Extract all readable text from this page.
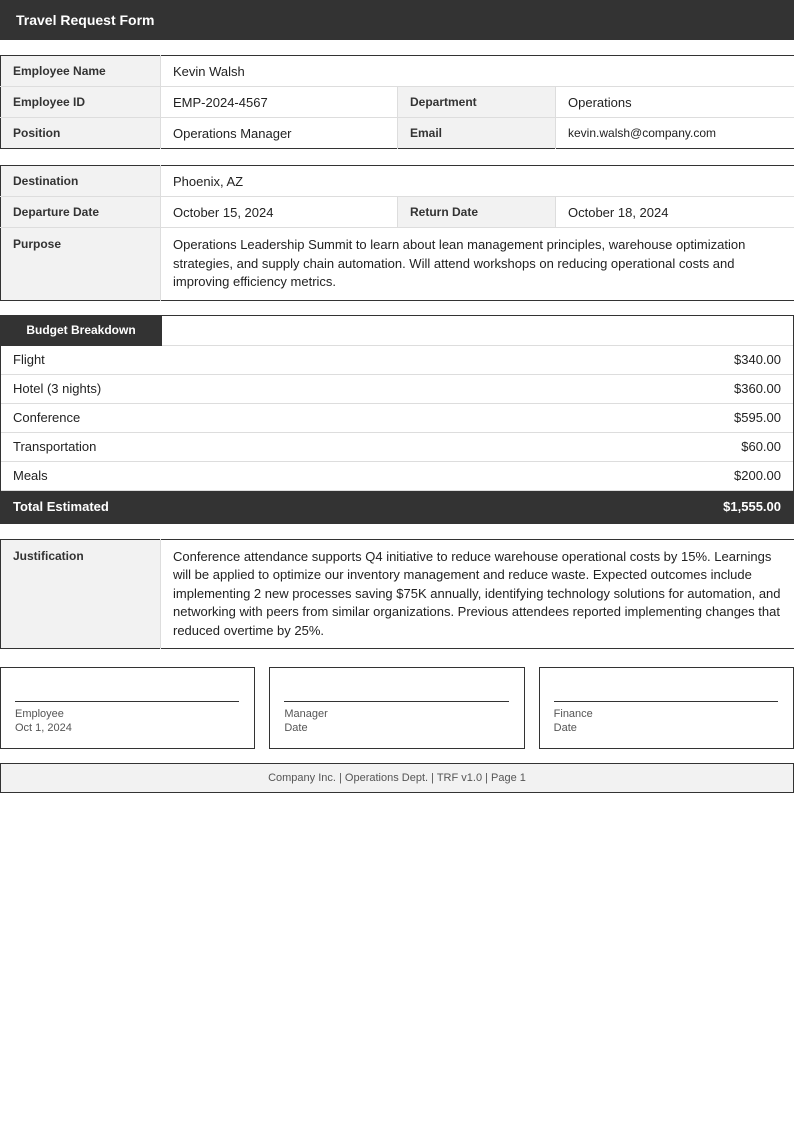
Travel Request Form
Employee Name	Kevin Walsh		
Employee ID	EMP-2024-4567	Department	Operations
Position	Operations Manager	Email	kevin.walsh@company.com
Destination	Phoenix, AZ		
Departure Date	October 15, 2024	Return Date	October 18, 2024
Purpose	Operations Leadership Summit to learn about lean management principles, warehouse optimization strategies, and supply chain automation. Will attend workshops on reducing operational costs and improving efficiency metrics.		
Budget Breakdown
Flight	$340.00
Hotel (3 nights)	$360.00
Conference	$595.00
Transportation	$60.00
Meals	$200.00
Total Estimated	$1,555.00
Justification	Conference attendance supports Q4 initiative to reduce warehouse operational costs by 15%. Learnings will be applied to optimize our inventory management and reduce waste. Expected outcomes include implementing 2 new processes saving $75K annually, identifying technology solutions for automation, and networking with peers from similar organizations. Previous attendees reported implementing changes that reduced overtime by 25%.
Employee
Oct 1, 2024
Manager
Date
Finance
Date
Company Inc. | Operations Dept. | TRF v1.0 | Page 1
